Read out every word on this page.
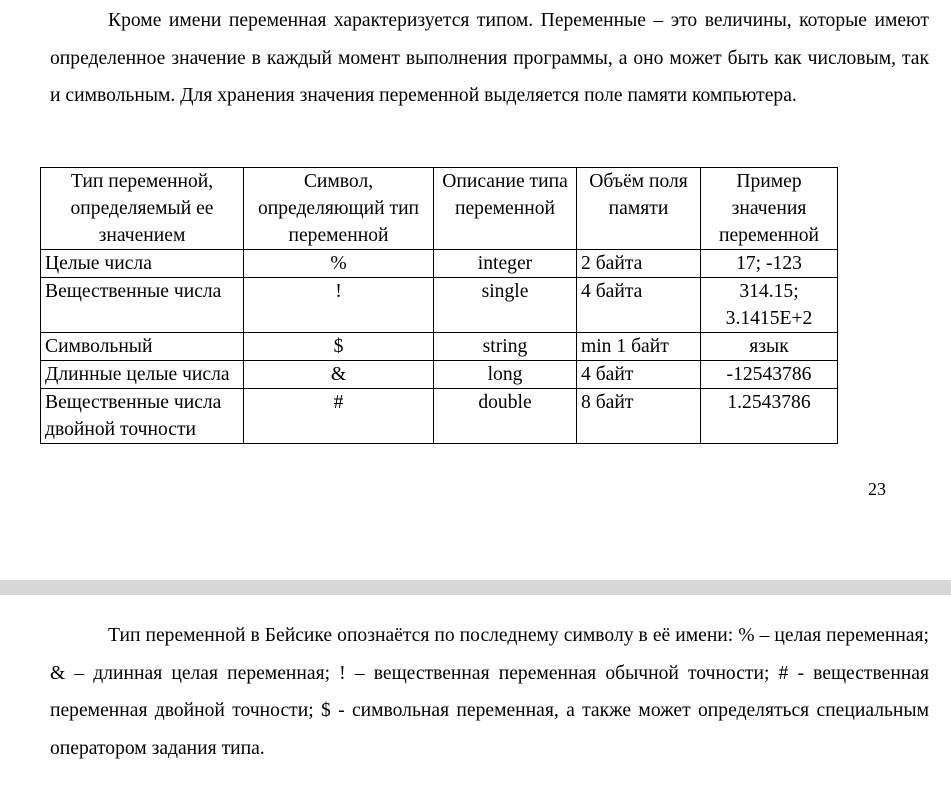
Кроме имени переменная характеризуется типом. Переменные – это величины, которые имеют определенное значение в каждый момент выполнения программы, а оно может быть как числовым, так и символьным. Для хранения значения переменной выделяется поле памяти компьютера.
Тип переменной, определяемый ее значением	Символ, определяющий тип переменной	Описание типа переменной	Объём поля памяти	Пример значения переменной
Целые числа	%	integer	2 байта	17; -123
Вещественные числа	!	single	4 байта	314.15; 3.1415E+2
Символьный	$	string	min 1 байт	язык
Длинные целые числа	&	long	4 байт	-12543786
Вещественные числа двойной точности	#	double	8 байт	1.2543786
23
Тип переменной в Бейсике опознаётся по последнему символу в её имени: % – целая переменная; & – длинная целая переменная; ! – вещественная переменная обычной точности; # - вещественная переменная двойной точности; $ - символьная переменная, а также может определяться специальным оператором задания типа.
